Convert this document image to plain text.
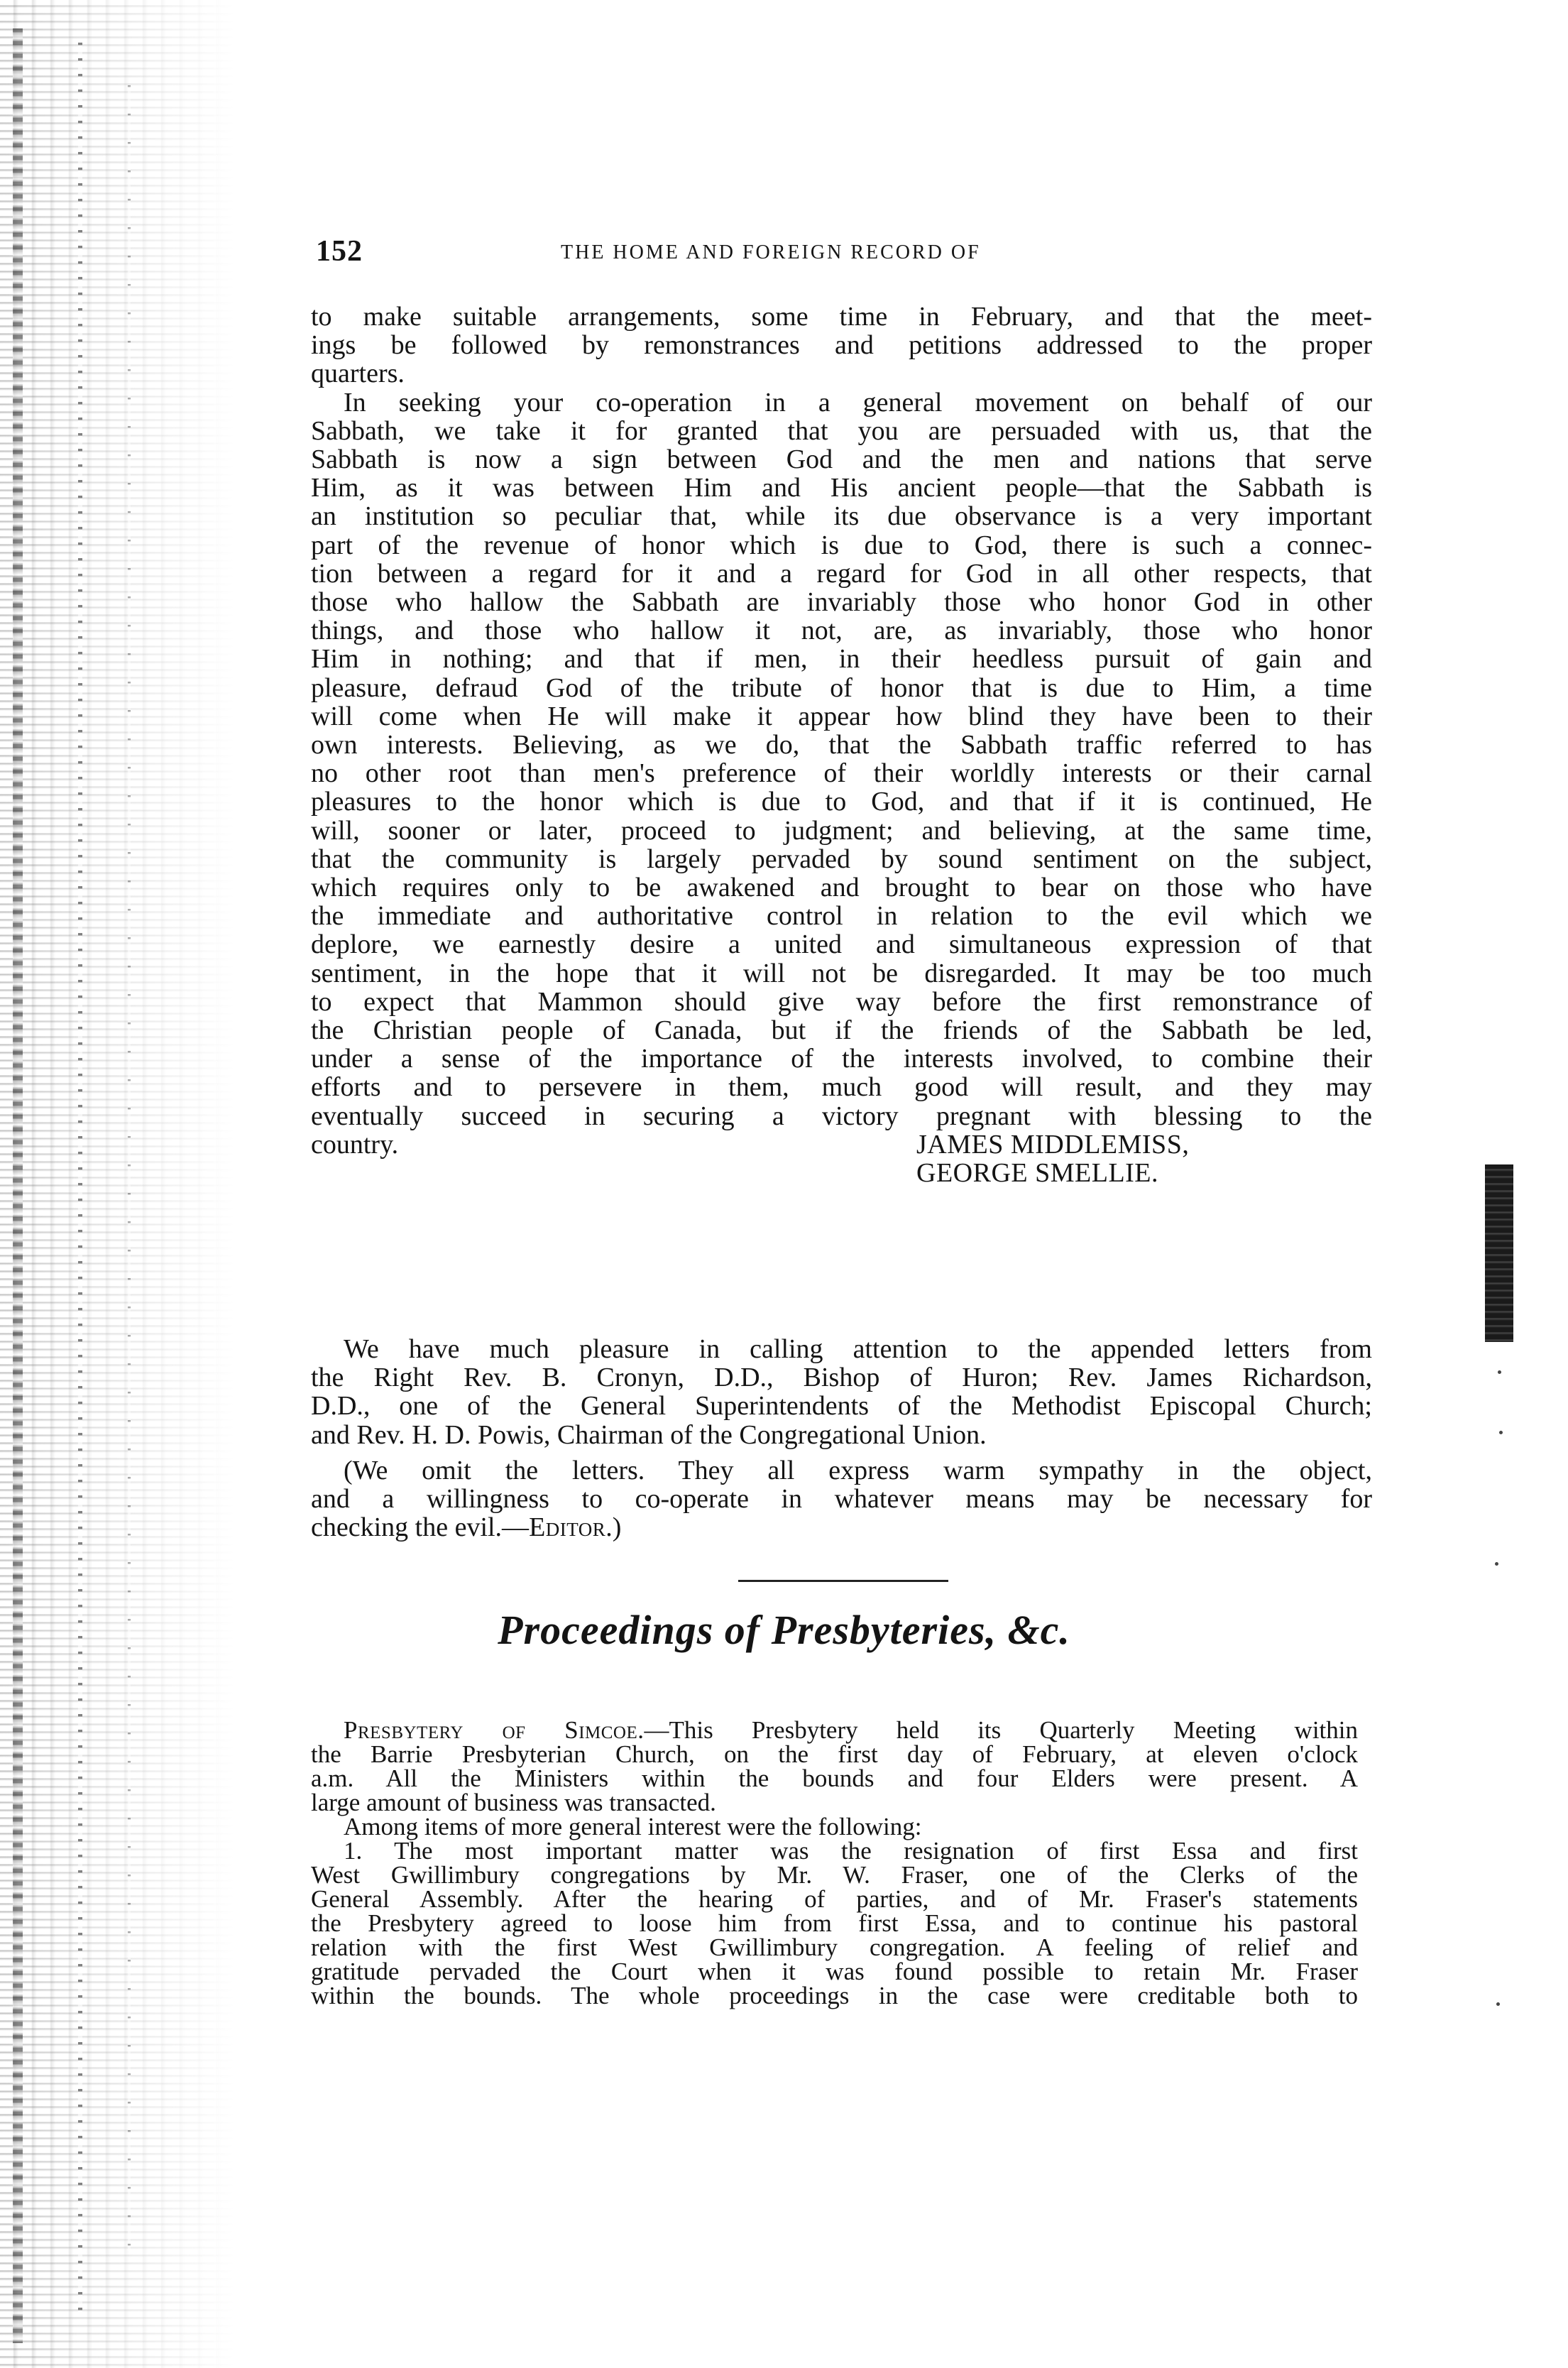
152	THE HOME AND FOREIGN RECORD OF
to make suitable arrangements, some time in February, and that the meet-
ings be followed by remonstrances and petitions addressed to the proper
quarters.
In seeking your co-operation in a general movement on behalf of our
Sabbath, we take it for granted that you are persuaded with us, that the
Sabbath is now a sign between God and the men and nations that serve
Him, as it was between Him and His ancient people—that the Sabbath is
an institution so peculiar that, while its due observance is a very important
part of the revenue of honor which is due to God, there is such a connec-
tion between a regard for it and a regard for God in all other respects, that
those who hallow the Sabbath are invariably those who honor God in other
things, and those who hallow it not, are, as invariably, those who honor
Him in nothing; and that if men, in their heedless pursuit of gain and
pleasure, defraud God of the tribute of honor that is due to Him, a time
will come when He will make it appear how blind they have been to their
own interests. Believing, as we do, that the Sabbath traffic referred to has
no other root than men's preference of their worldly interests or their carnal
pleasures to the honor which is due to God, and that if it is continued, He
will, sooner or later, proceed to judgment; and believing, at the same time,
that the community is largely pervaded by sound sentiment on the subject,
which requires only to be awakened and brought to bear on those who have
the immediate and authoritative control in relation to the evil which we
deplore, we earnestly desire a united and simultaneous expression of that
sentiment, in the hope that it will not be disregarded. It may be too much
to expect that Mammon should give way before the first remonstrance of
the Christian people of Canada, but if the friends of the Sabbath be led,
under a sense of the importance of the interests involved, to combine their
efforts and to persevere in them, much good will result, and they may
eventually succeed in securing a victory pregnant with blessing to the
country.	JAMES MIDDLEMISS,
GEORGE SMELLIE.
We have much pleasure in calling attention to the appended letters from
the Right Rev. B. Cronyn, D.D., Bishop of Huron; Rev. James Richardson,
D.D., one of the General Superintendents of the Methodist Episcopal Church;
and Rev. H. D. Powis, Chairman of the Congregational Union.
(We omit the letters. They all express warm sympathy in the object,
and a willingness to co-operate in whatever means may be necessary for
checking the evil.—Editor.)
Proceedings of Presbyteries, &c.
Presbytery of Simcoe.—This Presbytery held its Quarterly Meeting within
the Barrie Presbyterian Church, on the first day of February, at eleven o'clock
a.m. All the Ministers within the bounds and four Elders were present. A
large amount of business was transacted.
Among items of more general interest were the following:
1. The most important matter was the resignation of first Essa and first
West Gwillimbury congregations by Mr. W. Fraser, one of the Clerks of the
General Assembly. After the hearing of parties, and of Mr. Fraser's statements
the Presbytery agreed to loose him from first Essa, and to continue his pastoral
relation with the first West Gwillimbury congregation. A feeling of relief and
gratitude pervaded the Court when it was found possible to retain Mr. Fraser
within the bounds. The whole proceedings in the case were creditable both to
